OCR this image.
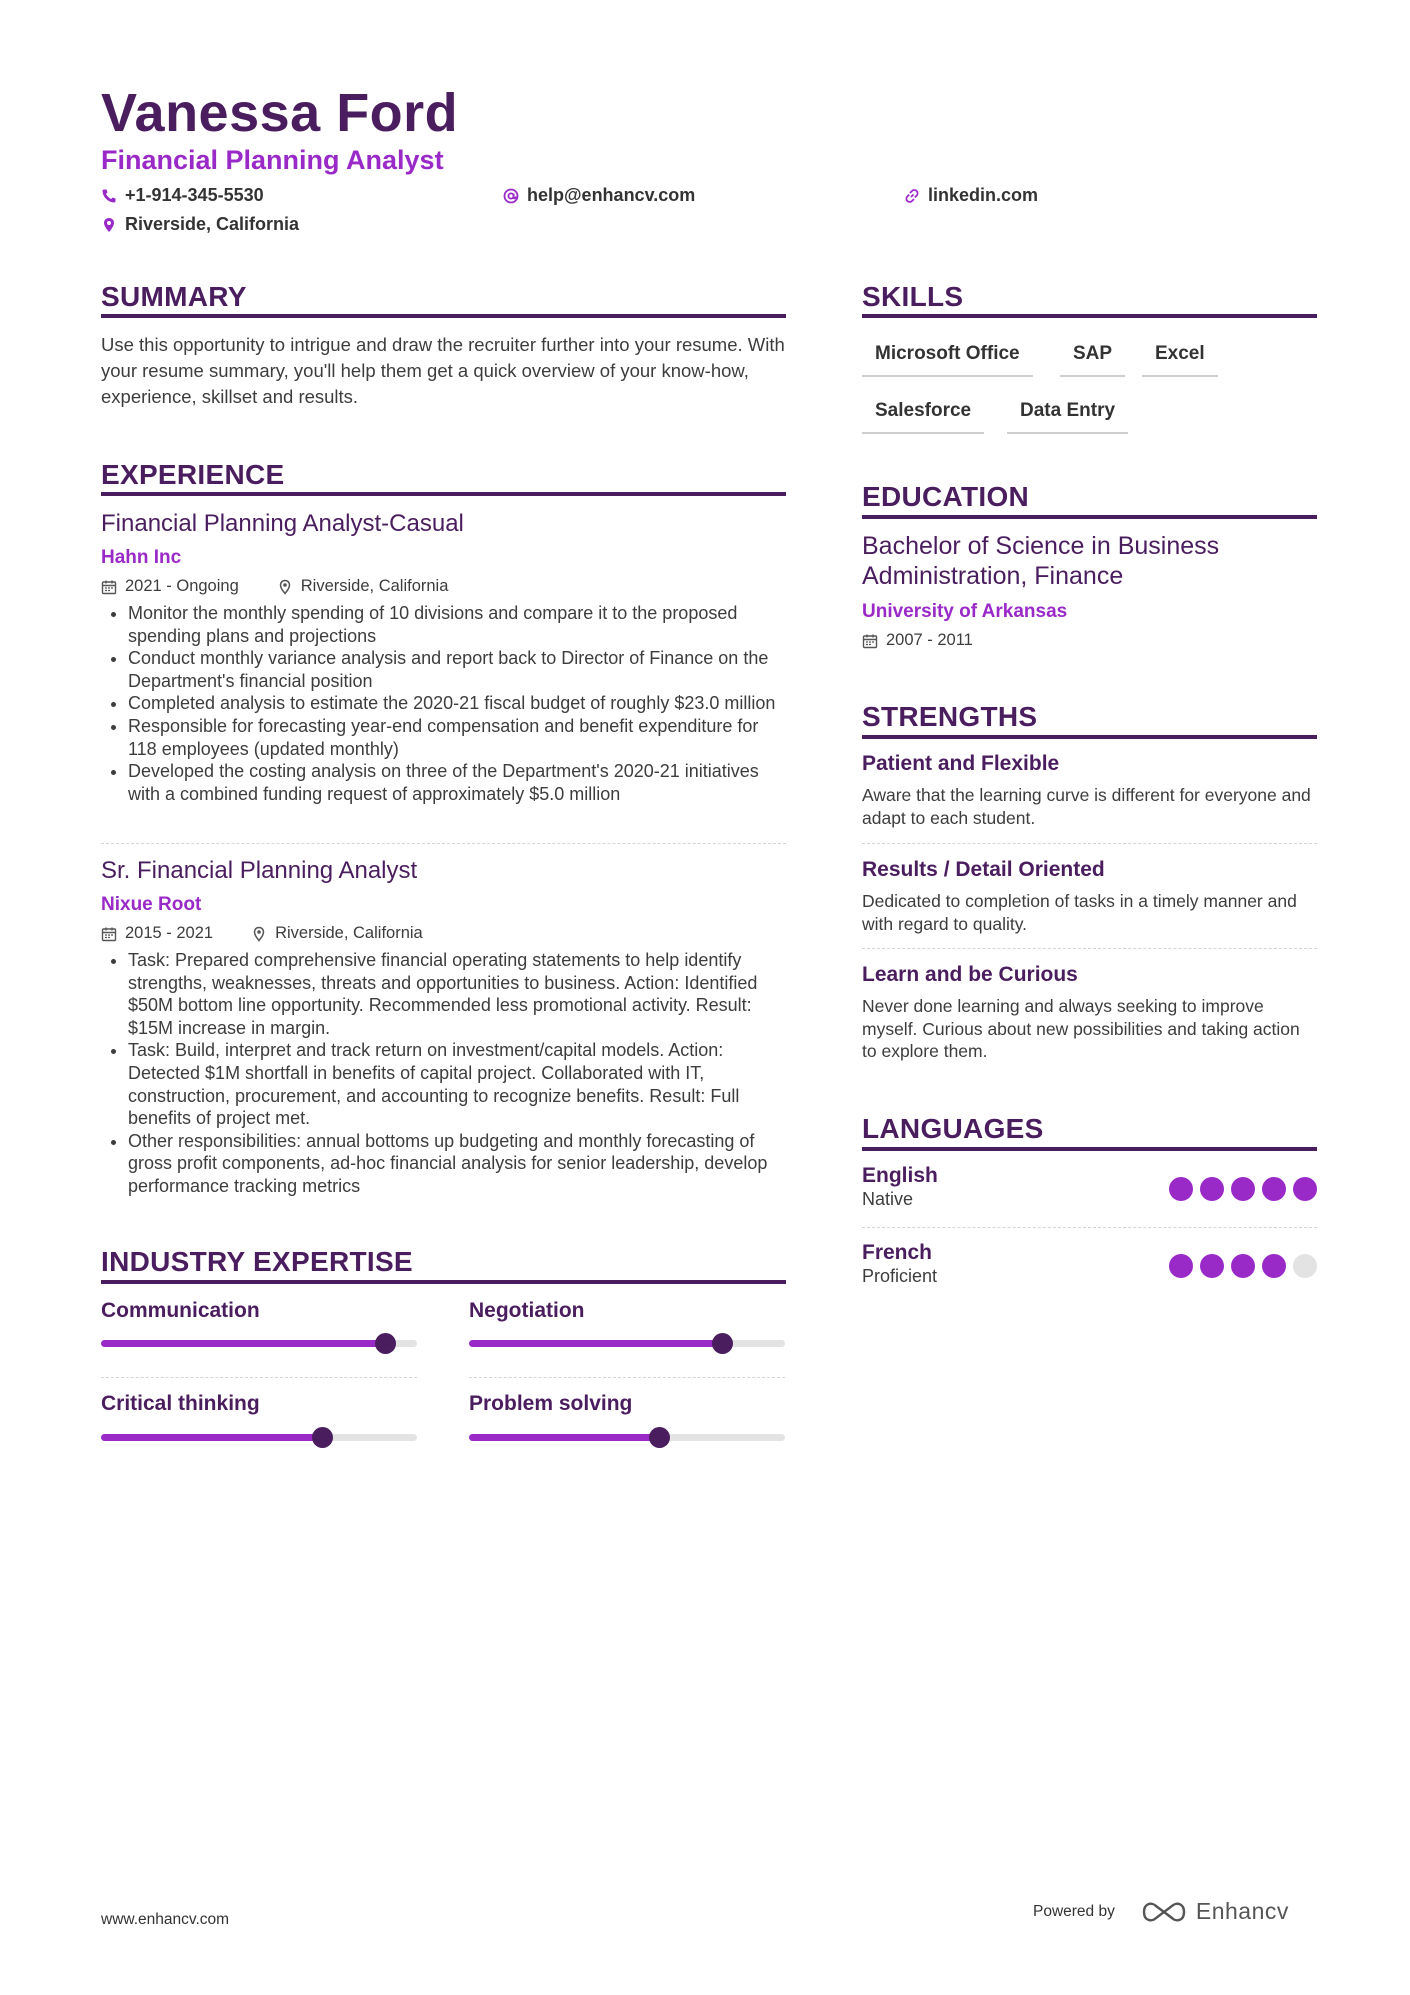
Vanessa Ford
Financial Planning Analyst
+1-914-345-5530	help@enhancv.com	linkedin.com
Riverside, California
SUMMARY

Use this opportunity to intrigue and draw the recruiter further into your resume. With your resume summary, you'll help them get a quick overview of your know-how, experience, skillset and results.

EXPERIENCE

Financial Planning Analyst-Casual

Hahn Inc
2021 - Ongoing	Riverside, California
• Monitor the monthly spending of 10 divisions and compare it to the proposed spending plans and projections
• Conduct monthly variance analysis and report back to Director of Finance on the Department's financial position
• Completed analysis to estimate the 2020-21 fiscal budget of roughly $23.0 million
• Responsible for forecasting year-end compensation and benefit expenditure for 118 employees (updated monthly)
• Developed the costing analysis on three of the Department's 2020-21 initiatives with a combined funding request of approximately $5.0 million

Sr. Financial Planning Analyst

Nixue Root
2015 - 2021	Riverside, California
• Task: Prepared comprehensive financial operating statements to help identify strengths, weaknesses, threats and opportunities to business. Action: Identified $50M bottom line opportunity. Recommended less promotional activity. Result: $15M increase in margin.
• Task: Build, interpret and track return on investment/capital models. Action: Detected $1M shortfall in benefits of capital project. Collaborated with IT, construction, procurement, and accounting to recognize benefits. Result: Full benefits of project met.
• Other responsibilities: annual bottoms up budgeting and monthly forecasting of gross profit components, ad-hoc financial analysis for senior leadership, develop performance tracking metrics
INDUSTRY EXPERTISE
Communication	Negotiation
Critical thinking	Problem solving
SKILLS
Microsoft Office	SAP	Excel
Salesforce	Data Entry
EDUCATION

Bachelor of Science in Business Administration, Finance

University of Arkansas
2007 - 2011
STRENGTHS

Patient and Flexible

Aware that the learning curve is different for everyone and adapt to each student.

Results / Detail Oriented

Dedicated to completion of tasks in a timely manner and with regard to quality.

Learn and be Curious

Never done learning and always seeking to improve myself. Curious about new possibilities and taking action to explore them.

LANGUAGES
English
Native
French
Proficient
www.enhancv.com	Powered by	Enhancv
